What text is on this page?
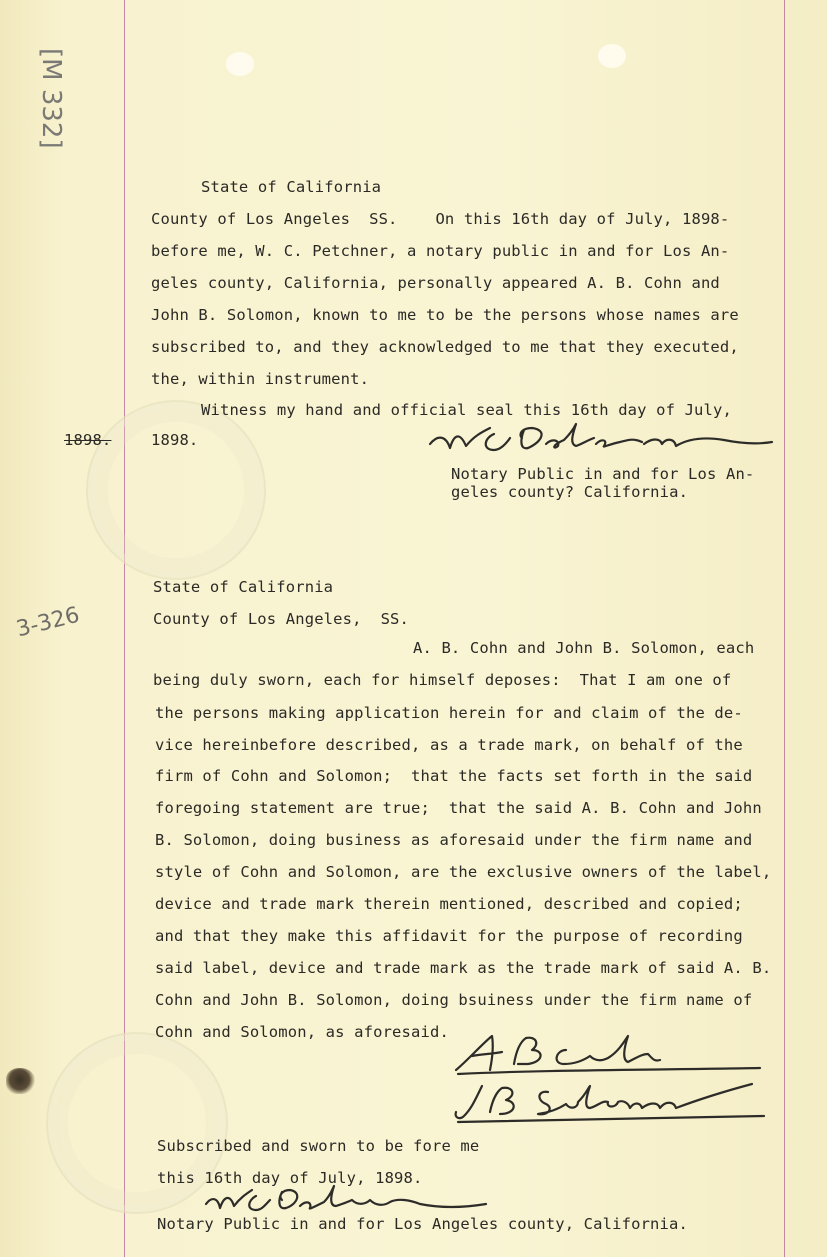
[M 332]
3-326
1898.
State of California
County of Los Angeles  SS.    On this 16th day of July, 1898-
before me, W. C. Petchner, a notary public in and for Los An-
geles county, California, personally appeared A. B. Cohn and
John B. Solomon, known to me to be the persons whose names are
subscribed to, and they acknowledged to me that they executed,
the, within instrument.
Witness my hand and official seal this 16th day of July,
1898.
Notary Public in and for Los An-
geles county? California.
State of California
County of Los Angeles,  SS.
A. B. Cohn and John B. Solomon, each
being duly sworn, each for himself deposes:  That I am one of
the persons making application herein for and claim of the de-
vice hereinbefore described, as a trade mark, on behalf of the
firm of Cohn and Solomon;  that the facts set forth in the said
foregoing statement are true;  that the said A. B. Cohn and John
B. Solomon, doing business as aforesaid under the firm name and
style of Cohn and Solomon, are the exclusive owners of the label,
device and trade mark therein mentioned, described and copied;
and that they make this affidavit for the purpose of recording
said label, device and trade mark as the trade mark of said A. B.
Cohn and John B. Solomon, doing bsuiness under the firm name of
Cohn and Solomon, as aforesaid.
Subscribed and sworn to be fore me
this 16th day of July, 1898.
Notary Public in and for Los Angeles county, California.
